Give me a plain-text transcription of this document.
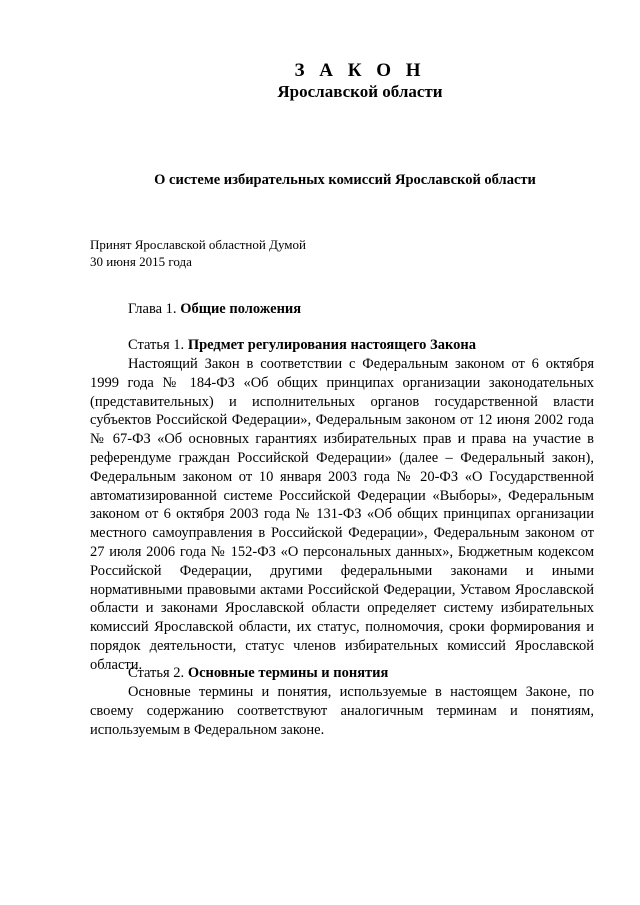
З А К О Н
Ярославской области
О системе избирательных комиссий Ярославской области
Принят Ярославской областной Думой
30 июня 2015 года
Глава 1. Общие положения
Статья 1. Предмет регулирования настоящего Закона

Настоящий Закон в соответствии с Федеральным законом от 6 октября 1999 года № 184-ФЗ «Об общих принципах организации законодательных (представительных) и исполнительных органов государственной власти субъектов Российской Федерации», Федеральным законом от 12 июня 2002 года № 67-ФЗ «Об основных гарантиях избирательных прав и права на участие в референдуме граждан Российской Федерации» (далее – Федеральный закон), Федеральным законом от 10 января 2003 года № 20-ФЗ «О Государственной автоматизированной системе Российской Федерации «Выборы», Федеральным законом от 6 октября 2003 года № 131-ФЗ «Об общих принципах организации местного самоуправления в Российской Федерации», Федеральным законом от 27 июля 2006 года № 152-ФЗ «О персональных данных», Бюджетным кодексом Российской Федерации, другими федеральными законами и иными нормативными правовыми актами Российской Федерации, Уставом Ярославской области и законами Ярославской области определяет систему избирательных комиссий Ярославской области, их статус, полномочия, сроки формирования и порядок деятельности, статус членов избирательных комиссий Ярославской области.

Статья 2. Основные термины и понятия

Основные термины и понятия, используемые в настоящем Законе, по своему содержанию соответствуют аналогичным терминам и понятиям, используемым в Федеральном законе.
